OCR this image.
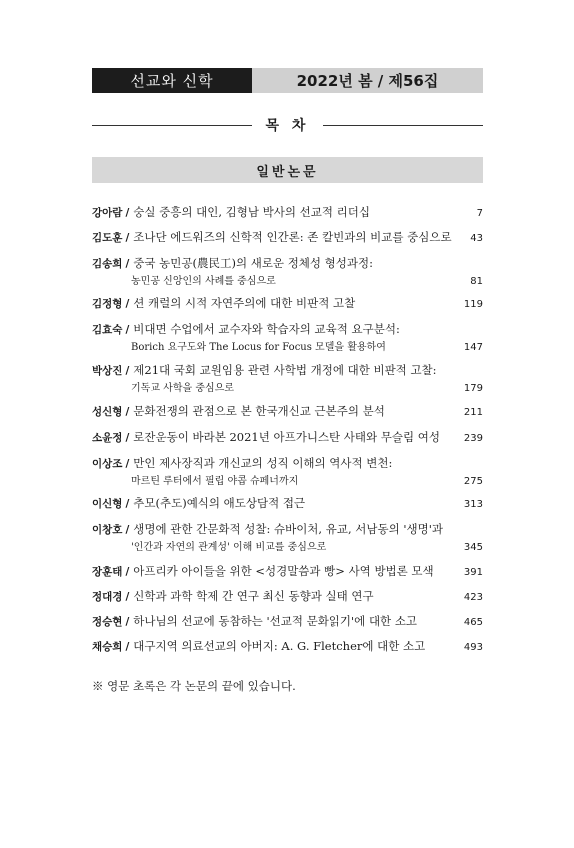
선교와 신학	2022년 봄 / 제56집
목 차
일반논문
강아람 / 숭실 중흥의 대인, 김형남 박사의 선교적 리더십	7
김도훈 / 조나단 에드워즈의 신학적 인간론: 존 칼빈과의 비교를 중심으로	43
김송희 / 중국 농민공(農民工)의 새로운 정체성 형성과정:
농민공 신앙인의 사례를 중심으로	81
김정형 / 션 캐럴의 시적 자연주의에 대한 비판적 고찰	119
김효숙 / 비대면 수업에서 교수자와 학습자의 교육적 요구분석:
Borich 요구도와 The Locus for Focus 모델을 활용하여	147
박상진 / 제21대 국회 교원임용 관련 사학법 개정에 대한 비판적 고찰:
기독교 사학을 중심으로	179
성신형 / 문화전쟁의 관점으로 본 한국개신교 근본주의 분석	211
소윤정 / 로잔운동이 바라본 2021년 아프가니스탄 사태와 무슬림 여성	239
이상조 / 만인 제사장직과 개신교의 성직 이해의 역사적 변천:
마르틴 루터에서 필립 야콥 슈페너까지	275
이신형 / 추모(추도)예식의 애도상담적 접근	313
이창호 / 생명에 관한 간문화적 성찰: 슈바이처, 유교, 서남동의 '생명'과
'인간과 자연의 관계성' 이해 비교를 중심으로	345
장훈태 / 아프리카 아이들을 위한 <성경말씀과 빵> 사역 방법론 모색	391
정대경 / 신학과 과학 학제 간 연구 최신 동향과 실태 연구	423
정승현 / 하나님의 선교에 동참하는 '선교적 문화읽기'에 대한 소고	465
채승희 / 대구지역 의료선교의 아버지: A. G. Fletcher에 대한 소고	493
※ 영문 초록은 각 논문의 끝에 있습니다.
